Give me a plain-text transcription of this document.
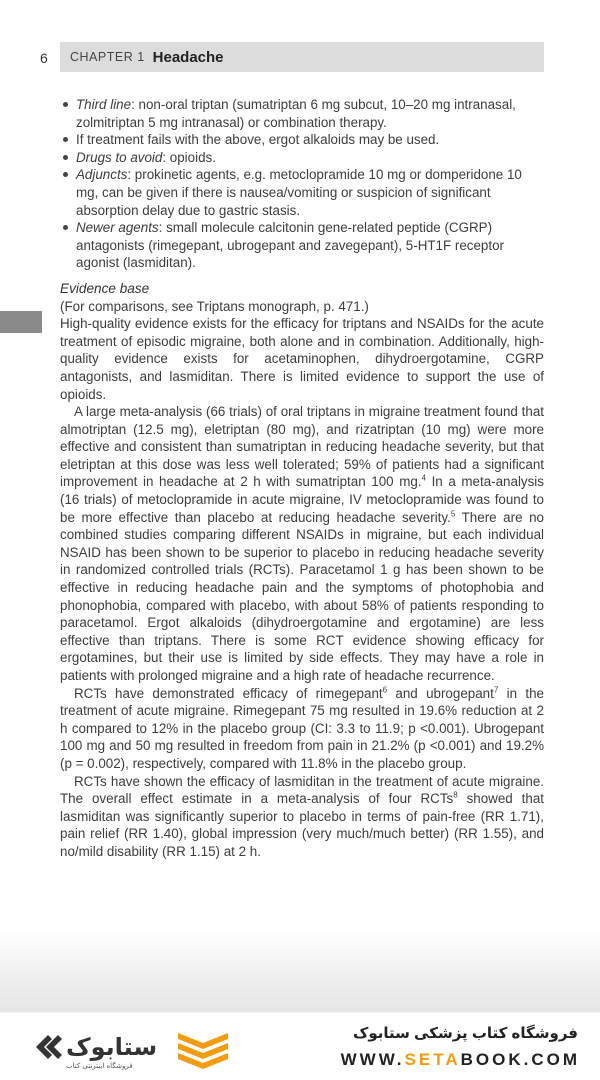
6 CHAPTER 1 Headache
Third line: non-oral triptan (sumatriptan 6 mg subcut, 10–20 mg intranasal, zolmitriptan 5 mg intranasal) or combination therapy.
If treatment fails with the above, ergot alkaloids may be used.
Drugs to avoid: opioids.
Adjuncts: prokinetic agents, e.g. metoclopramide 10 mg or domperidone 10 mg, can be given if there is nausea/vomiting or suspicion of significant absorption delay due to gastric stasis.
Newer agents: small molecule calcitonin gene-related peptide (CGRP) antagonists (rimegepant, ubrogepant and zavegepant), 5-HT1F receptor agonist (lasmiditan).
Evidence base

(For comparisons, see Triptans monograph, p. 471.)

High-quality evidence exists for the efficacy for triptans and NSAIDs for the acute treatment of episodic migraine, both alone and in combination. Additionally, high-quality evidence exists for acetaminophen, dihydroergotamine, CGRP antagonists, and lasmiditan. There is limited evidence to support the use of opioids.

A large meta-analysis (66 trials) of oral triptans in migraine treatment found that almotriptan (12.5 mg), eletriptan (80 mg), and rizatriptan (10 mg) were more effective and consistent than sumatriptan in reducing headache severity, but that eletriptan at this dose was less well tolerated; 59% of patients had a significant improvement in headache at 2 h with sumatriptan 100 mg.$^4$ In a meta-analysis (16 trials) of metoclopramide in acute migraine, IV metoclopramide was found to be more effective than placebo at reducing headache severity.$^5$ There are no combined studies comparing different NSAIDs in migraine, but each individual NSAID has been shown to be superior to placebo in reducing headache severity in randomized controlled trials (RCTs). Paracetamol 1 g has been shown to be effective in reducing headache pain and the symptoms of photophobia and phonophobia, compared with placebo, with about 58% of patients responding to paracetamol. Ergot alkaloids (dihydroergotamine and ergotamine) are less effective than triptans. There is some RCT evidence showing efficacy for ergotamines, but their use is limited by side effects. They may have a role in patients with prolonged migraine and a high rate of headache recurrence.

RCTs have demonstrated efficacy of rimegepant$^6$ and ubrogepant$^7$ in the treatment of acute migraine. Rimegepant 75 mg resulted in 19.6% reduction at 2 h compared to 12% in the placebo group (CI: 3.3 to 11.9; p <0.001). Ubrogepant 100 mg and 50 mg resulted in freedom from pain in 21.2% (p <0.001) and 19.2% (p = 0.002), respectively, compared with 11.8% in the placebo group.

RCTs have shown the efficacy of lasmiditan in the treatment of acute migraine. The overall effect estimate in a meta-analysis of four RCTs$^8$ showed that lasmiditan was significantly superior to placebo in terms of pain-free (RR 1.71), pain relief (RR 1.40), global impression (very much/much better) (RR 1.55), and no/mild disability (RR 1.15) at 2 h.

ستابوک
فروشگاه اینترنتی کتاب
فروشگاه کتاب پزشکی ستابوک
WWW.SETABOOK.COM
